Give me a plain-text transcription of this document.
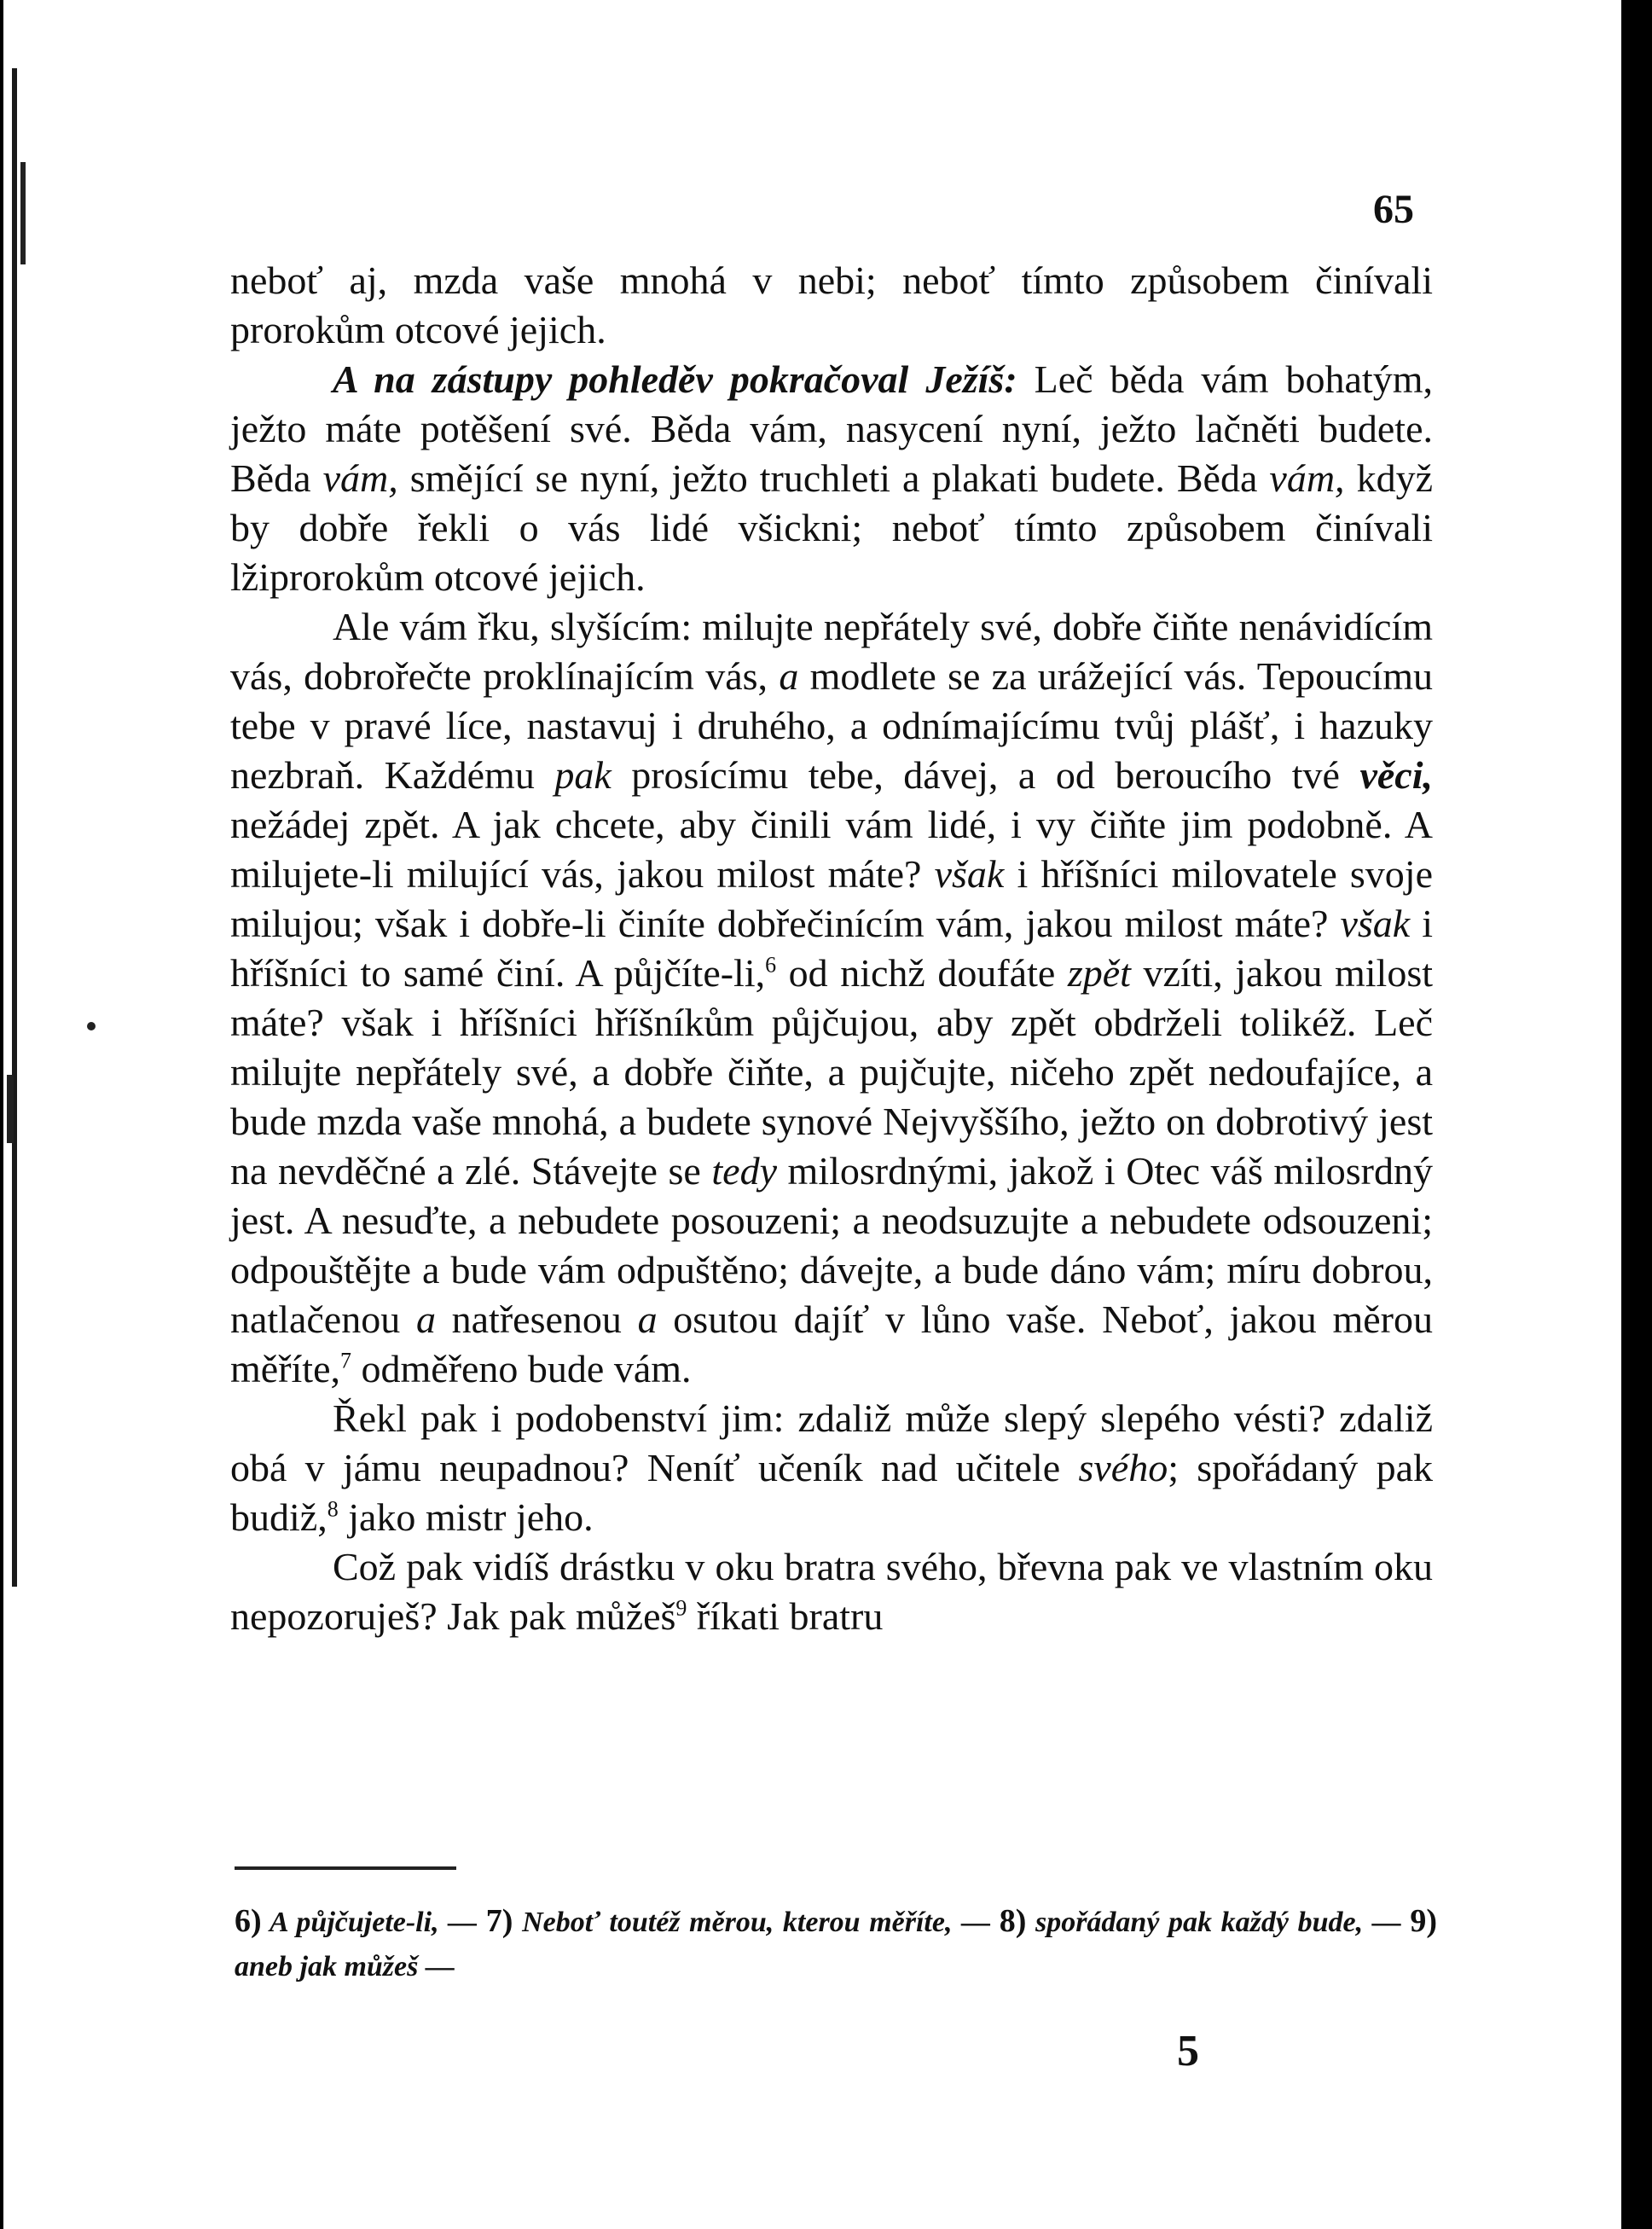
65

neboť aj, mzda vaše mnohá v nebi; neboť tímto způsobem činívali prorokům otcové jejich.

A na zástupy pohleděv pokračoval Ježíš: Leč běda vám bohatým, ježto máte potěšení své. Běda vám, nasycení nyní, ježto lačněti budete. Běda vám, smějící se nyní, ježto truchleti a plakati budete. Běda vám, když by dobře řekli o vás lidé všickni; neboť tímto způsobem činívali lžiprorokům otcové jejich.

Ale vám řku, slyšícím: milujte nepřátely své, dobře čiňte nenávidícím vás, dobrořečte proklínajícím vás, a modlete se za urážející vás. Tepoucímu tebe v pravé líce, nastavuj i druhého, a odnímajícímu tvůj plášť, i hazuky nezbraň. Každému pak prosícímu tebe, dávej, a od beroucího tvé věci, nežádej zpět. A jak chcete, aby činili vám lidé, i vy čiňte jim podobně. A milujete-li milující vás, jakou milost máte? však i hříšníci milovatele svoje milujou; však i dobře-li činíte dobřečinícím vám, jakou milost máte? však i hříšníci to samé činí. A půjčíte-li,$^6$ od nichž doufáte zpět vzíti, jakou milost máte? však i hříšníci hříšníkům půjčujou, aby zpět obdrželi tolikéž. Leč milujte nepřátely své, a dobře čiňte, a pujčujte, ničeho zpět nedoufajíce, a bude mzda vaše mnohá, a budete synové Nejvyššího, ježto on dobrotivý jest na nevděčné a zlé. Stávejte se tedy milosrdnými, jakož i Otec váš milosrdný jest. A nesuďte, a nebudete posouzeni; a neodsuzujte a nebudete odsouzeni; odpouštějte a bude vám odpuštěno; dávejte, a bude dáno vám; míru dobrou, natlačenou a natřesenou a osutou dajíť v lůno vaše. Neboť, jakou měrou měříte,$^7$ odměřeno bude vám.

Řekl pak i podobenství jim: zdaliž může slepý slepého vésti? zdaliž obá v jámu neupadnou? Neníť učeník nad učitele svého; spořádaný pak budiž,$^8$ jako mistr jeho.

Což pak vidíš drástku v oku bratra svého, břevna pak ve vlastním oku nepozoruješ? Jak pak můžeš$^9$ říkati bratru

6) A půjčujete-li, — 7) Neboť toutéž měrou, kterou měříte, — 8) spořádaný pak každý bude, — 9) aneb jak můžeš —
5
